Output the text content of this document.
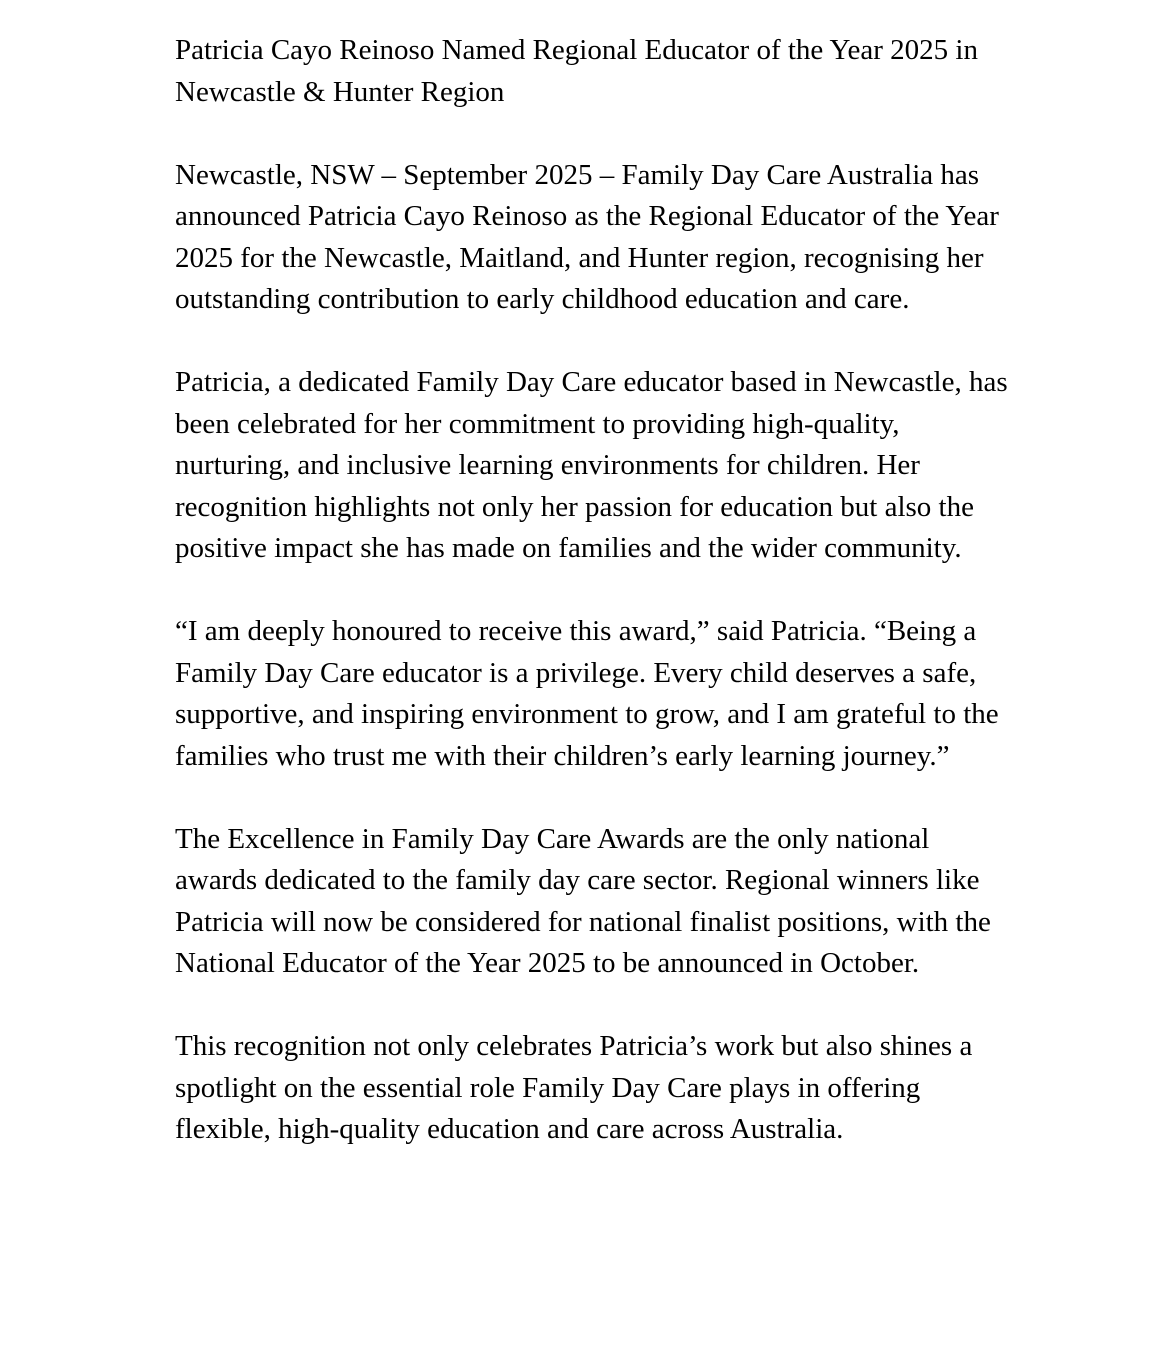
Patricia Cayo Reinoso Named Regional Educator of the Year 2025 in Newcastle & Hunter Region

Newcastle, NSW – September 2025 – Family Day Care Australia has announced Patricia Cayo Reinoso as the Regional Educator of the Year 2025 for the Newcastle, Maitland, and Hunter region, recognising her outstanding contribution to early childhood education and care.

Patricia, a dedicated Family Day Care educator based in Newcastle, has been celebrated for her commitment to providing high-quality, nurturing, and inclusive learning environments for children. Her recognition highlights not only her passion for education but also the positive impact she has made on families and the wider community.

“I am deeply honoured to receive this award,” said Patricia. “Being a Family Day Care educator is a privilege. Every child deserves a safe, supportive, and inspiring environment to grow, and I am grateful to the families who trust me with their children’s early learning journey.”

The Excellence in Family Day Care Awards are the only national awards dedicated to the family day care sector. Regional winners like Patricia will now be considered for national finalist positions, with the National Educator of the Year 2025 to be announced in October.

This recognition not only celebrates Patricia’s work but also shines a spotlight on the essential role Family Day Care plays in offering flexible, high-quality education and care across Australia.
